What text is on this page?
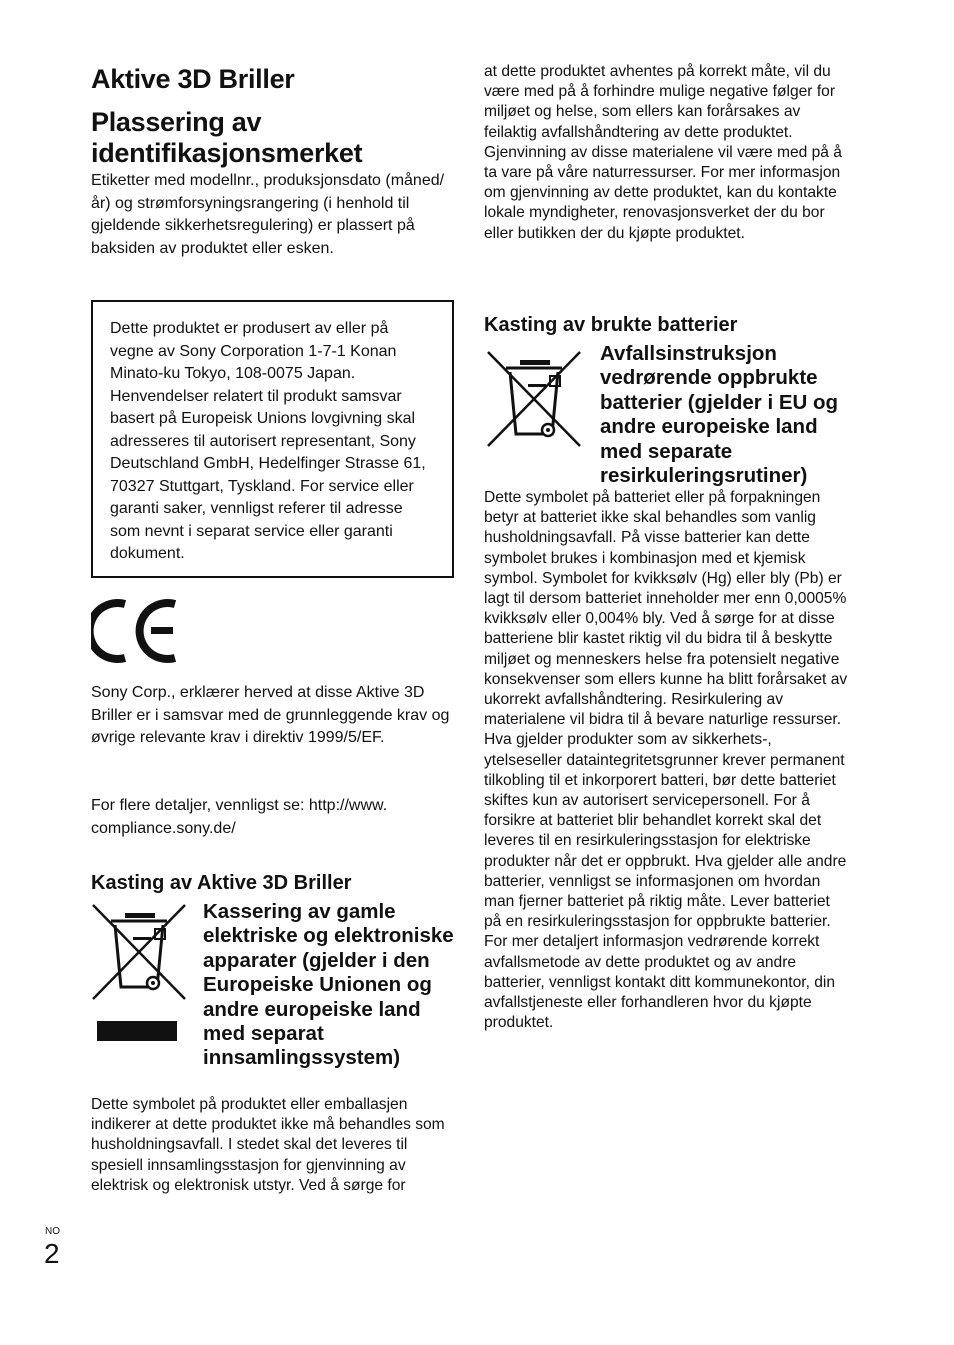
Aktive 3D Briller
Plassering av identifikasjonsmerket

Etiketter med modellnr., produksjonsdato (måned/år) og strømforsyningsrangering (i henhold til gjeldende sikkerhetsregulering) er plassert på baksiden av produktet eller esken.

Dette produktet er produsert av eller på vegne av Sony Corporation 1-7-1 Konan Minato-ku Tokyo, 108-0075 Japan. Henvendelser relatert til produkt samsvar basert på Europeisk Unions lovgivning skal adresseres til autorisert representant, Sony Deutschland GmbH, Hedelfinger Strasse 61, 70327 Stuttgart, Tyskland. For service eller garanti saker, vennligst referer til adresse som nevnt i separat service eller garanti dokument.

Sony Corp., erklærer herved at disse Aktive 3D Briller er i samsvar med de grunnleggende krav og øvrige relevante krav i direktiv 1999/5/EF.

For flere detaljer, vennligst se: http://www. compliance.sony.de/

Kasting av Aktive 3D Briller
Kassering av gamle elektriske og elektroniske apparater (gjelder i den Europeiske Unionen og andre europeiske land med separat innsamlingssystem)

Dette symbolet på produktet eller emballasjen indikerer at dette produktet ikke må behandles som husholdningsavfall. I stedet skal det leveres til spesiell innsamlingsstasjon for gjenvinning av elektrisk og elektronisk utstyr. Ved å sørge for

at dette produktet avhentes på korrekt måte, vil du være med på å forhindre mulige negative følger for miljøet og helse, som ellers kan forårsakes av feilaktig avfallshåndtering av dette produktet. Gjenvinning av disse materialene vil være med på å ta vare på våre naturressurser. For mer informasjon om gjenvinning av dette produktet, kan du kontakte lokale myndigheter, renovasjonsverket der du bor eller butikken der du kjøpte produktet.

Kasting av brukte batterier
Avfallsinstruksjon vedrørende oppbrukte batterier (gjelder i EU og andre europeiske land med separate resirkuleringsrutiner)

Dette symbolet på batteriet eller på forpakningen betyr at batteriet ikke skal behandles som vanlig husholdningsavfall. På visse batterier kan dette symbolet brukes i kombinasjon med et kjemisk symbol. Symbolet for kvikksølv (Hg) eller bly (Pb) er lagt til dersom batteriet inneholder mer enn 0,0005% kvikksølv eller 0,004% bly. Ved å sørge for at disse batteriene blir kastet riktig vil du bidra til å beskytte miljøet og menneskers helse fra potensielt negative konsekvenser som ellers kunne ha blitt forårsaket av ukorrekt avfallshåndtering. Resirkulering av materialene vil bidra til å bevare naturlige ressurser. Hva gjelder produkter som av sikkerhets-, ytelseseller dataintegritetsgrunner krever permanent tilkobling til et inkorporert batteri, bør dette batteriet skiftes kun av autorisert servicepersonell. For å forsikre at batteriet blir behandlet korrekt skal det leveres til en resirkuleringsstasjon for elektriske produkter når det er oppbrukt. Hva gjelder alle andre batterier, vennligst se informasjonen om hvordan man fjerner batteriet på riktig måte. Lever batteriet på en resirkuleringsstasjon for oppbrukte batterier. For mer detaljert informasjon vedrørende korrekt avfallsmetode av dette produktet og av andre batterier, vennligst kontakt ditt kommunekontor, din avfallstjeneste eller forhandleren hvor du kjøpte produktet.

NO
2
